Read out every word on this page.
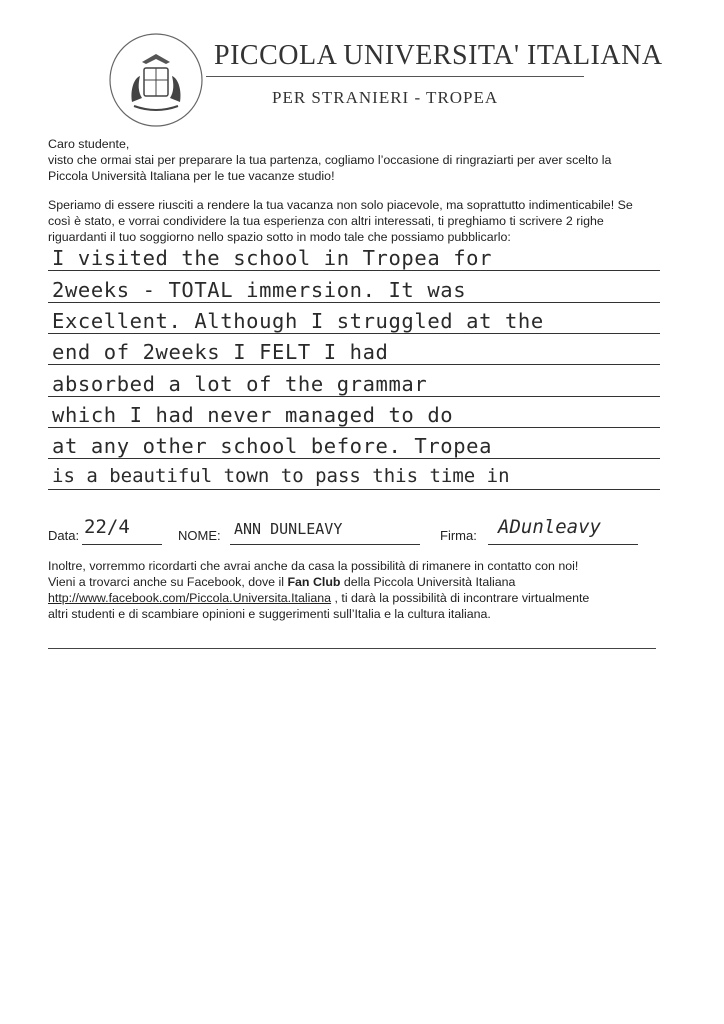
PICCOLA UNIVERSITA' ITALIANA
PER STRANIERI - TROPEA
Caro studente,
visto che ormai stai per preparare la tua partenza, cogliamo l’occasione di ringraziarti per aver scelto la
Piccola Università Italiana per le tue vacanze studio!
Speriamo di essere riusciti a rendere la tua vacanza non solo piacevole, ma soprattutto indimenticabile! Se
così è stato, e vorrai condividere la tua esperienza con altri interessati, ti preghiamo ti scrivere 2 righe
riguardanti il tuo soggiorno nello spazio sotto in modo tale che possiamo pubblicarlo:
I visited the school in Tropea for
2weeks - TOTAL immersion. It was
Excellent. Although I struggled at the
end of 2weeks I FELT I had
absorbed a lot of the grammar
which I had never managed to do
at any other school before. Tropea
is a beautiful town to pass this time in
Data: 22/4	NOME: ANN DUNLEAVY	Firma: ADunleavy
Inoltre, vorremmo ricordarti che avrai anche da casa la possibilità di rimanere in contatto con noi!
Vieni a trovarci anche su Facebook, dove il Fan Club della Piccola Università Italiana
http://www.facebook.com/Piccola.Universita.Italiana , ti darà la possibilità di incontrare virtualmente
altri studenti e di scambiare opinioni e suggerimenti sull’Italia e la cultura italiana.
